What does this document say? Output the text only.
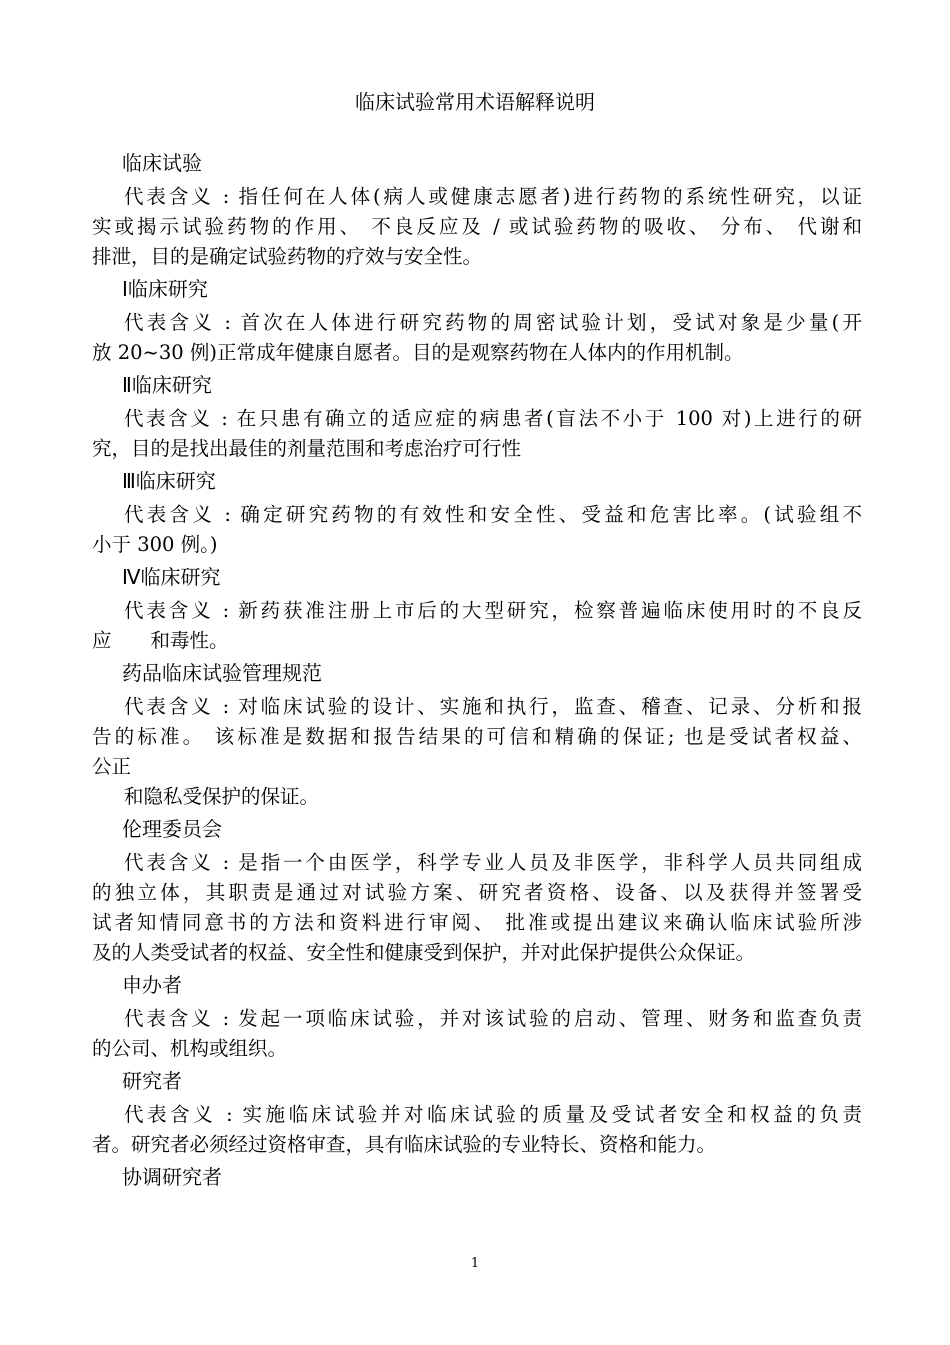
临床试验常用术语解释说明
临床试验
代表含义 : 指任何在人体(病人或健康志愿者)进行药物的系统性研究，以证
实或揭示试验药物的作用、 不良反应及 / 或试验药物的吸收、 分布、 代谢和
排泄，目的是确定试验药物的疗效与安全性。
Ⅰ临床研究
代表含义 : 首次在人体进行研究药物的周密试验计划，受试对象是少量(开
放 20~30 例)正常成年健康自愿者。目的是观察药物在人体内的作用机制。
Ⅱ临床研究
代表含义 : 在只患有确立的适应症的病患者(盲法不小于 100 对)上进行的研
究，目的是找出最佳的剂量范围和考虑治疗可行性
Ⅲ临床研究
代表含义 : 确定研究药物的有效性和安全性、受益和危害比率。(试验组不
小于 300 例。)
Ⅳ临床研究
代表含义 : 新药获准注册上市后的大型研究，检察普遍临床使用时的不良反
应　　和毒性。
药品临床试验管理规范
代表含义 : 对临床试验的设计、实施和执行，监查、稽查、记录、分析和报
告的标准。 该标准是数据和报告结果的可信和精确的保证; 也是受试者权益、
公正
和隐私受保护的保证。
伦理委员会
代表含义 : 是指一个由医学，科学专业人员及非医学，非科学人员共同组成
的独立体，其职责是通过对试验方案、研究者资格、设备、以及获得并签署受
试者知情同意书的方法和资料进行审阅、 批准或提出建议来确认临床试验所涉
及的人类受试者的权益、安全性和健康受到保护，并对此保护提供公众保证。
申办者
代表含义 : 发起一项临床试验，并对该试验的启动、管理、财务和监查负责
的公司、机构或组织。
研究者
代表含义 : 实施临床试验并对临床试验的质量及受试者安全和权益的负责
者。研究者必须经过资格审查，具有临床试验的专业特长、资格和能力。
协调研究者
1
